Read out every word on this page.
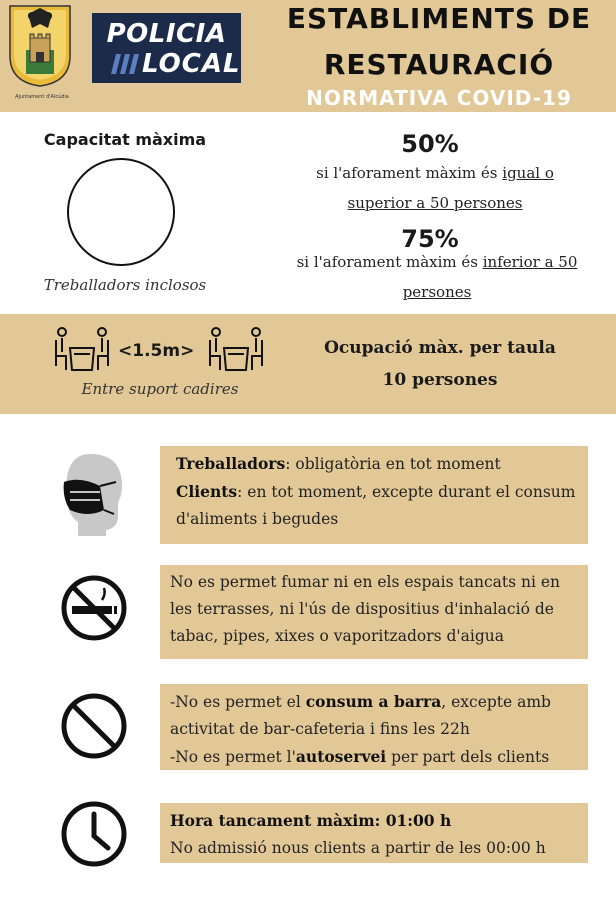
Ajuntament d'Alcúdia
POLICIA
LOCAL
ESTABLIMENTS DE
RESTAURACIÓ
NORMATIVA COVID-19
Capacitat màxima
Treballadors inclosos
50%
si l'aforament màxim és igual o superior a 50 persones
75%
si l'aforament màxim és inferior a 50 persones
<1.5m>
Entre suport cadires
Ocupació màx. per taula
10 persones
Treballadors: obligatòria en tot moment
Clients: en tot moment, excepte durant el consum d'aliments i begudes
No es permet fumar ni en els espais tancats ni en les terrasses, ni l'ús de dispositius d'inhalació de tabac, pipes, xixes o vaporitzadors d'aigua
-No es permet el consum a barra, excepte amb activitat de bar-cafeteria i fins les 22h
-No es permet l'autoservei per part dels clients
Hora tancament màxim: 01:00 h
No admissió nous clients a partir de les 00:00 h
